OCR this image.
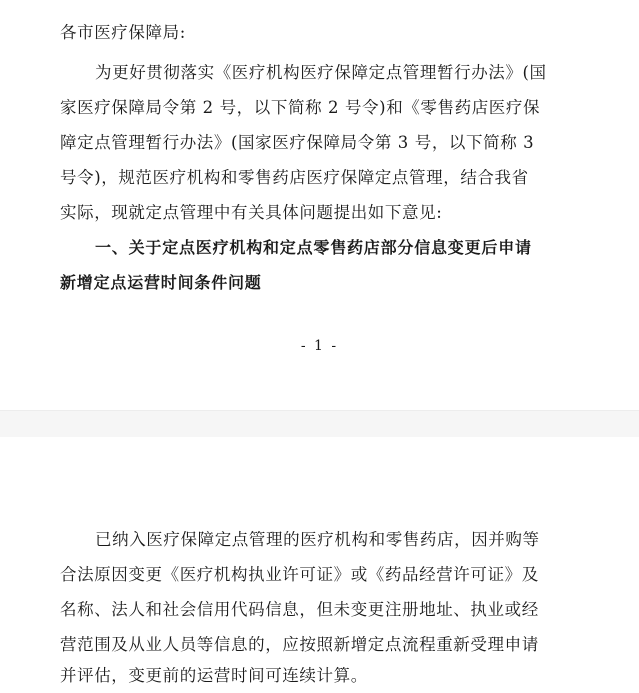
各市医疗保障局:
为更好贯彻落实《医疗机构医疗保障定点管理暂行办法》(国
家医疗保障局令第 2 号，以下简称 2 号令)和《零售药店医疗保
障定点管理暂行办法》(国家医疗保障局令第 3 号，以下简称 3
号令)，规范医疗机构和零售药店医疗保障定点管理，结合我省
实际，现就定点管理中有关具体问题提出如下意见:
一、关于定点医疗机构和定点零售药店部分信息变更后申请
新增定点运营时间条件问题
- 1 -
已纳入医疗保障定点管理的医疗机构和零售药店，因并购等
合法原因变更《医疗机构执业许可证》或《药品经营许可证》及
名称、法人和社会信用代码信息，但未变更注册地址、执业或经
营范围及从业人员等信息的，应按照新增定点流程重新受理申请
并评估，变更前的运营时间可连续计算。
